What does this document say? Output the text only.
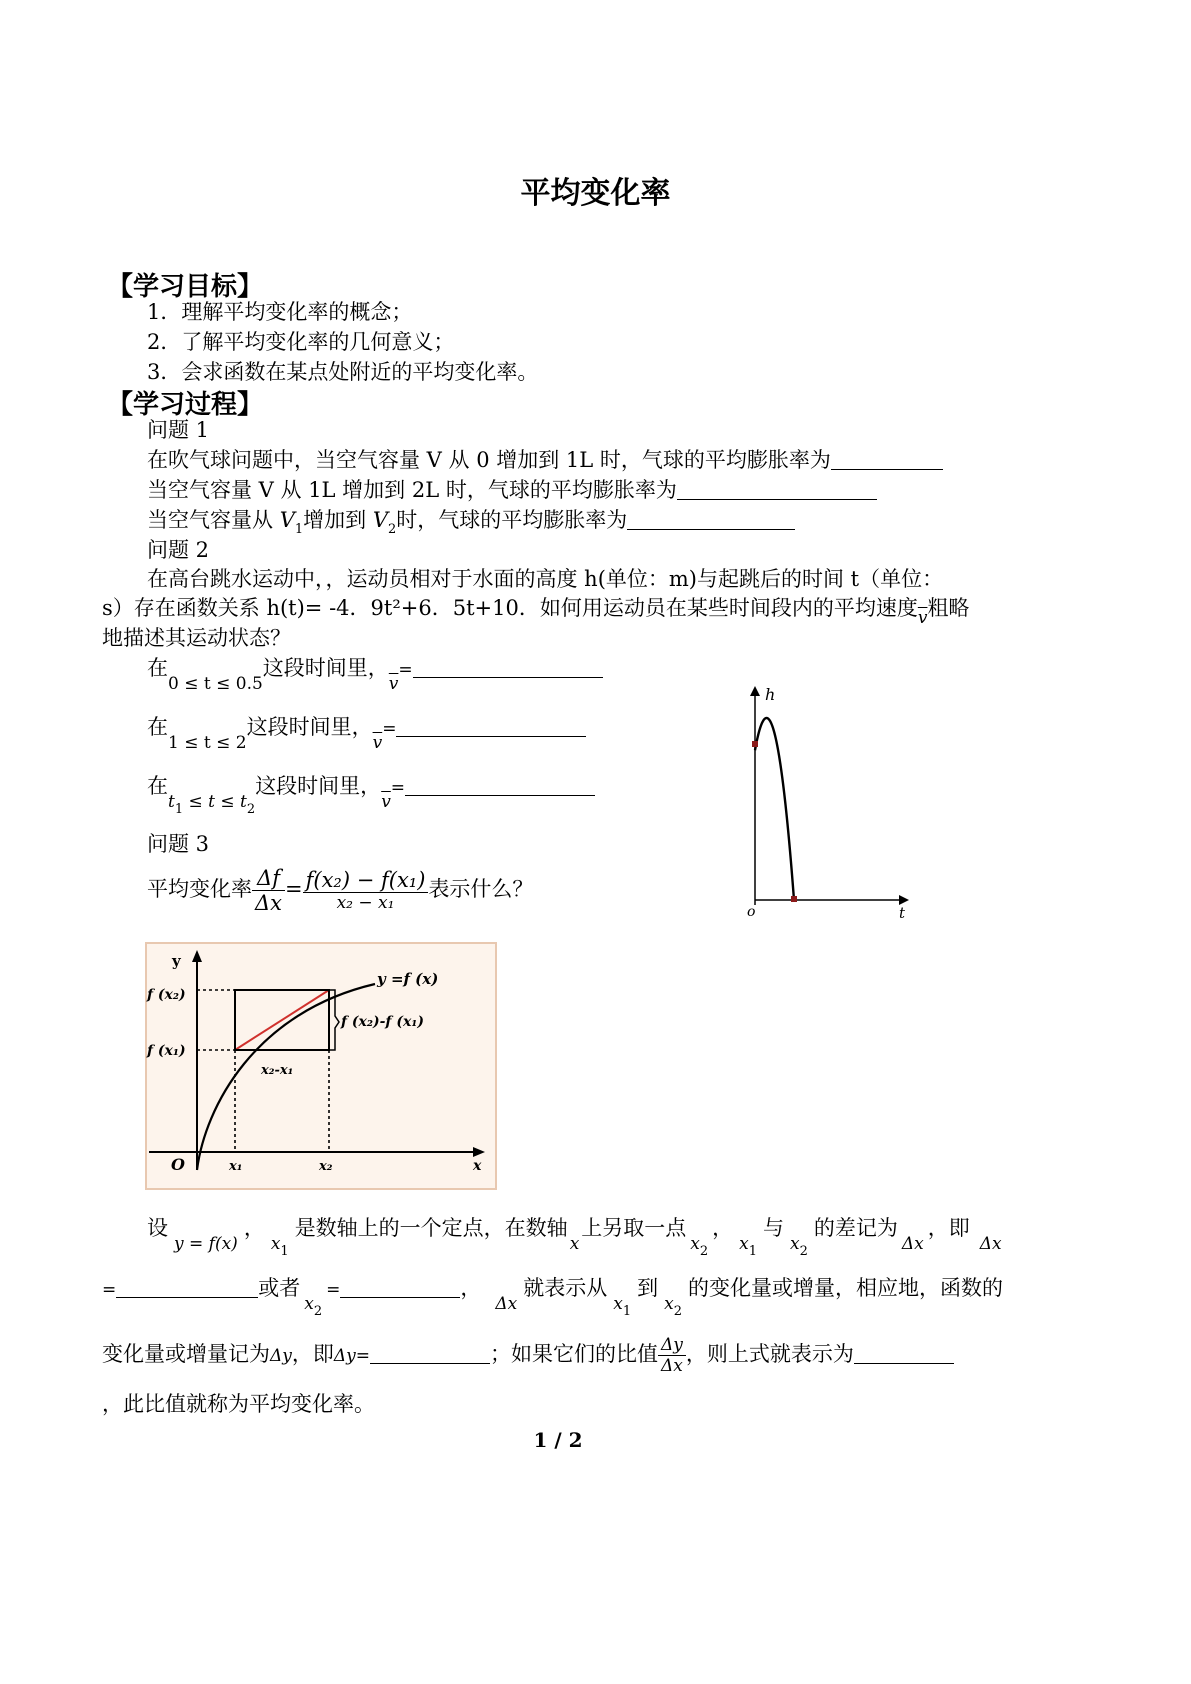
平均变化率
【学习目标】
1．理解平均变化率的概念；
2．了解平均变化率的几何意义；
3．会求函数在某点处附近的平均变化率。
【学习过程】
问题 1
在吹气球问题中，当空气容量 V 从 0 增加到 1L 时，气球的平均膨胀率为
当空气容量 V 从 1L 增加到 2L 时，气球的平均膨胀率为
当空气容量从 $V_1$增加到 $V_2$时，气球的平均膨胀率为
问题 2
在高台跳水运动中，，运动员相对于水面的高度 h(单位：m)与起跳后的时间 t（单位：
s）存在函数关系 h(t)= -4．9t²+6．5t+10．如何用运动员在某些时间段内的平均速度$_{\overline{v}}$粗略
地描述其运动状态？
在$_{0 \le t \le 0.5}$这段时间里，$_{\overline{v}}$=
在$_{1 \le t \le 2}$这段时间里，$_{\overline{v}}$=
在$_{t_1 \le t \le t_2}$这段时间里，$_{\overline{v}}$=
问题 3
平均变化率 $\frac{\Delta f}{\Delta x} = \frac{\text{f(x₂) − f(x₁)}}{\text{x₂ − x₁}}$ 表示什么？
h
t
o
y
x
O
y =f (x)
f (x₂)
f (x₁)
f (x₂)-f (x₁)
x₂-x₁
x₁	x₂
设$_{y = f(x)}$，$_{x_1}$是数轴上的一个定点，在数轴$_x$上另取一点$_{x_2}$，$_{x_1}$与$_{x_2}$的差记为$_{\Delta x}$，即$_{\Delta x}$
=	或者$_{x_2}$=	，$_{\Delta x}$就表示从$_{x_1}$到$_{x_2}$的变化量或增量，相应地，函数的
变化量或增量记为Δy，即Δy=	；如果它们的比值 $\frac{\Delta y}{\Delta x}$ ，则上式就表示为
，此比值就称为平均变化率。
1 / 2
